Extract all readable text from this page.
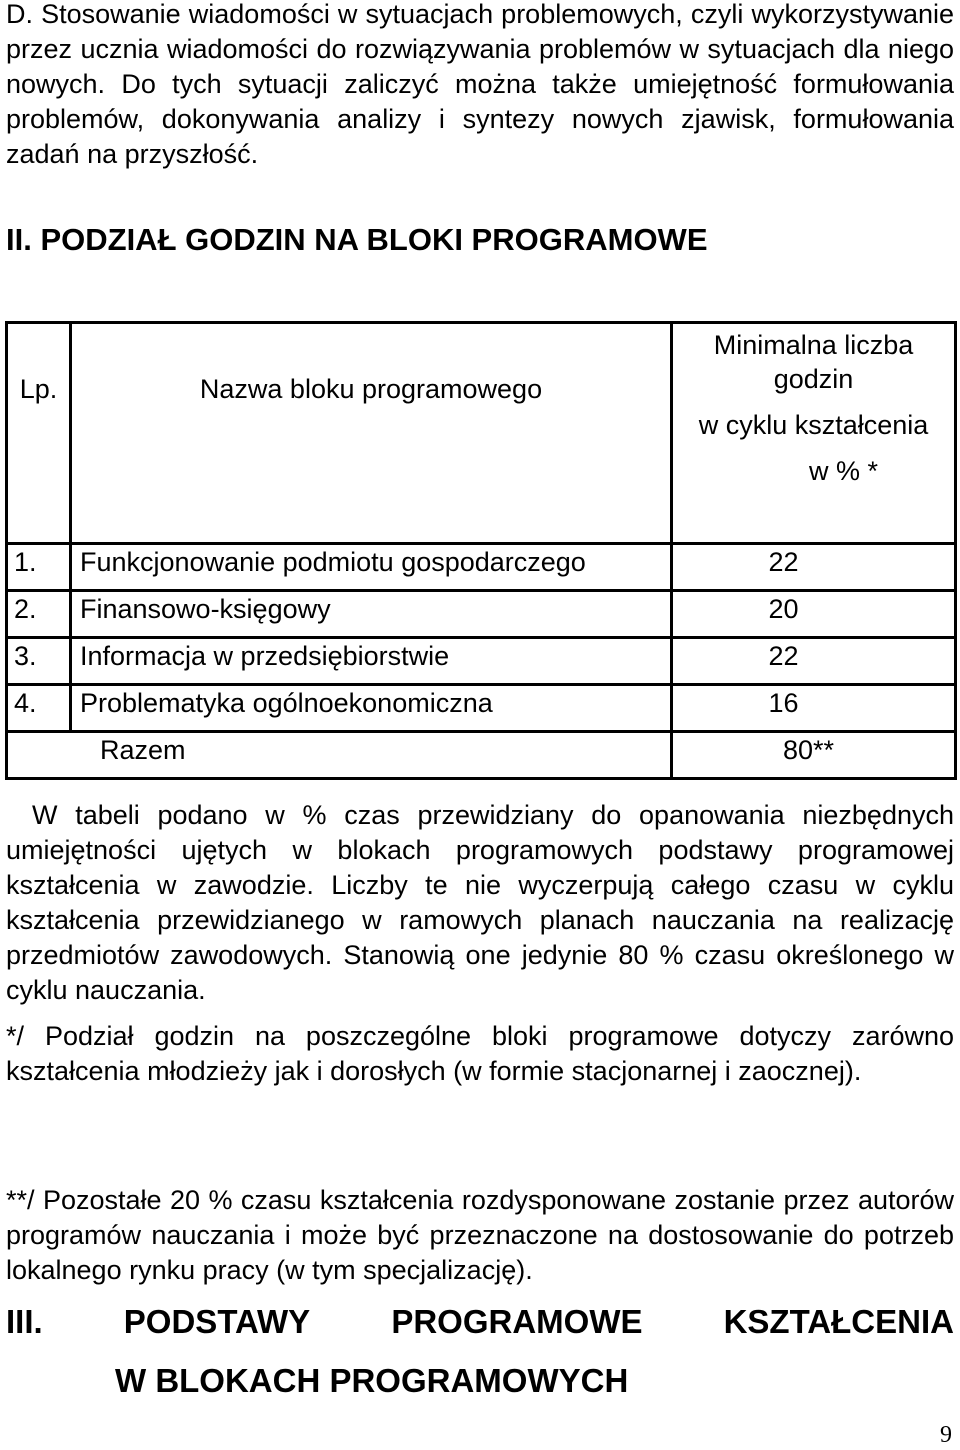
D. Stosowanie wiadomości w sytuacjach problemowych, czyli wykorzystywanie przez ucznia wiadomości do rozwiązywania problemów w sytuacjach dla niego nowych. Do tych sytuacji zaliczyć można także umiejętność formułowania problemów, dokonywania analizy i syntezy nowych zjawisk, formułowania zadań na przyszłość.

II. PODZIAŁ GODZIN NA BLOKI PROGRAMOWE
Lp.	Nazwa bloku programowego	Minimalna liczba
godzin
w cyklu kształcenia
w % *

1.	Funkcjonowanie podmiotu gospodarczego	22
2.	Finansowo-księgowy	20
3.	Informacja w przedsiębiorstwie	22
4.	Problematyka ogólnoekonomiczna	16
Razem		80**

W tabeli podano w % czas przewidziany do opanowania niezbędnych umiejętności ujętych w blokach programowych podstawy programowej kształcenia w zawodzie. Liczby te nie wyczerpują całego czasu w cyklu kształcenia przewidzianego w ramowych planach nauczania na realizację przedmiotów zawodowych. Stanowią one jedynie 80 % czasu określonego w cyklu nauczania.

*/ Podział godzin na poszczególne bloki programowe dotyczy zarówno kształcenia młodzieży jak i dorosłych (w formie stacjonarnej i zaocznej).

**/ Pozostałe 20 % czasu kształcenia rozdysponowane zostanie przez autorów programów nauczania i może być przeznaczone na dostosowanie do potrzeb lokalnego rynku pracy (w tym specjalizację).

III. PODSTAWY PROGRAMOWE KSZTAŁCENIA
W BLOKACH PROGRAMOWYCH
9
